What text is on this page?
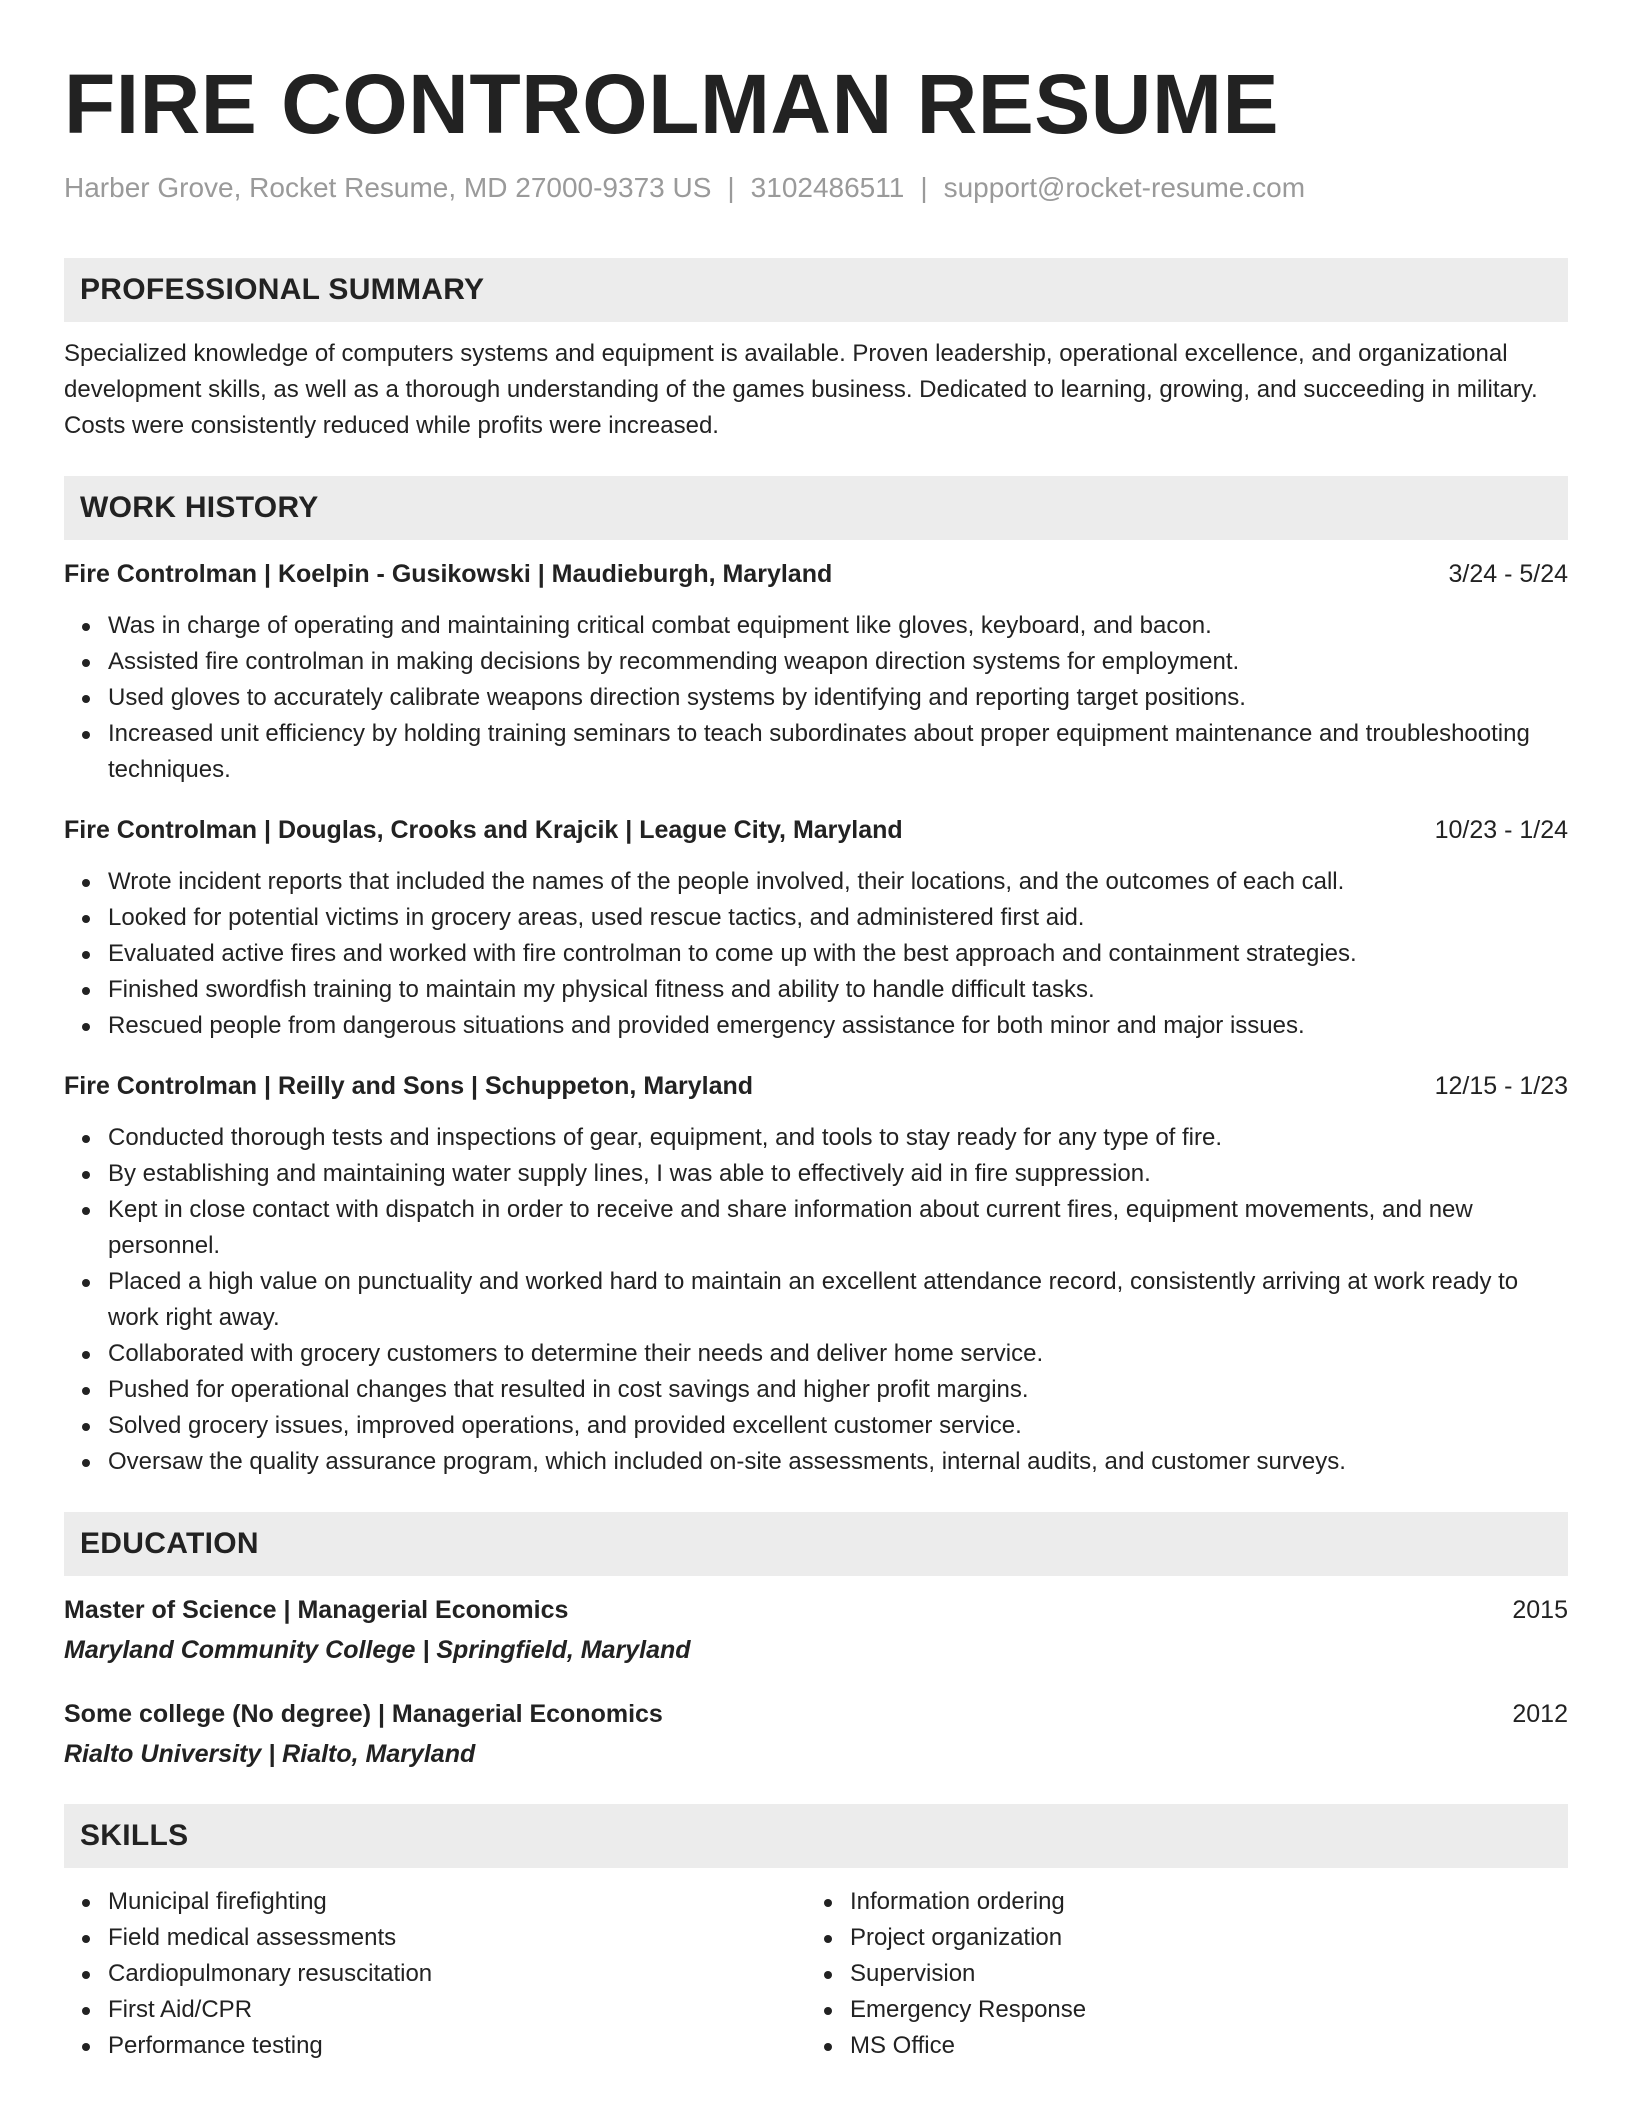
FIRE CONTROLMAN RESUME
Harber Grove, Rocket Resume, MD 27000-9373 US | 3102486511 | support@rocket-resume.com
PROFESSIONAL SUMMARY
Specialized knowledge of computers systems and equipment is available. Proven leadership, operational excellence, and organizational development skills, as well as a thorough understanding of the games business. Dedicated to learning, growing, and succeeding in military. Costs were consistently reduced while profits were increased.
WORK HISTORY
Fire Controlman | Koelpin - Gusikowski | Maudieburgh, Maryland	3/24 - 5/24
Was in charge of operating and maintaining critical combat equipment like gloves, keyboard, and bacon.
Assisted fire controlman in making decisions by recommending weapon direction systems for employment.
Used gloves to accurately calibrate weapons direction systems by identifying and reporting target positions.
Increased unit efficiency by holding training seminars to teach subordinates about proper equipment maintenance and troubleshooting techniques.
Fire Controlman | Douglas, Crooks and Krajcik | League City, Maryland	10/23 - 1/24
Wrote incident reports that included the names of the people involved, their locations, and the outcomes of each call.
Looked for potential victims in grocery areas, used rescue tactics, and administered first aid.
Evaluated active fires and worked with fire controlman to come up with the best approach and containment strategies.
Finished swordfish training to maintain my physical fitness and ability to handle difficult tasks.
Rescued people from dangerous situations and provided emergency assistance for both minor and major issues.
Fire Controlman | Reilly and Sons | Schuppeton, Maryland	12/15 - 1/23
Conducted thorough tests and inspections of gear, equipment, and tools to stay ready for any type of fire.
By establishing and maintaining water supply lines, I was able to effectively aid in fire suppression.
Kept in close contact with dispatch in order to receive and share information about current fires, equipment movements, and new personnel.
Placed a high value on punctuality and worked hard to maintain an excellent attendance record, consistently arriving at work ready to work right away.
Collaborated with grocery customers to determine their needs and deliver home service.
Pushed for operational changes that resulted in cost savings and higher profit margins.
Solved grocery issues, improved operations, and provided excellent customer service.
Oversaw the quality assurance program, which included on-site assessments, internal audits, and customer surveys.
EDUCATION
Master of Science | Managerial Economics	2015
Maryland Community College | Springfield, Maryland
Some college (No degree) | Managerial Economics	2012
Rialto University | Rialto, Maryland
SKILLS
Municipal firefighting
Field medical assessments
Cardiopulmonary resuscitation
First Aid/CPR
Performance testing
Information ordering
Project organization
Supervision
Emergency Response
MS Office
